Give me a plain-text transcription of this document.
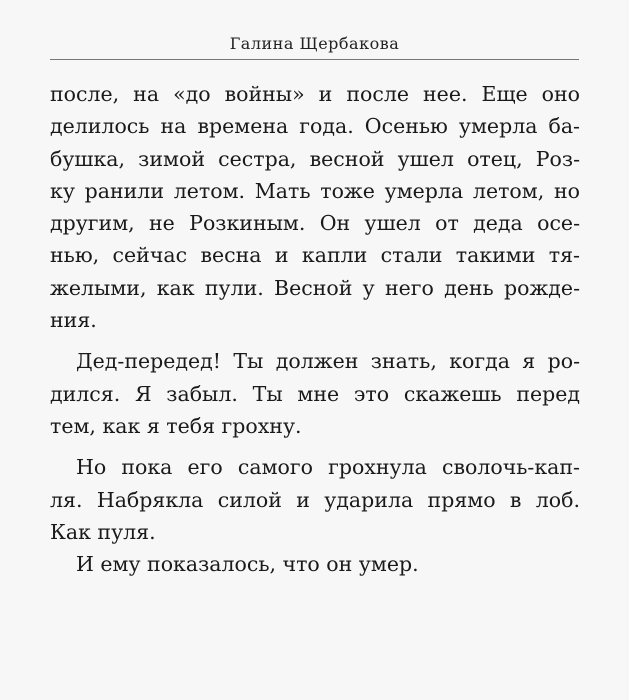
Галина Щербакова
после, на «до войны» и после нее. Еще оно
делилось на времена года. Осенью умерла ба-
бушка, зимой сестра, весной ушел отец, Роз-
ку ранили летом. Мать тоже умерла летом, но
другим, не Розкиным. Он ушел от деда осе-
нью, сейчас весна и капли стали такими тя-
желыми, как пули. Весной у него день рожде-
ния.
Дед-передед! Ты должен знать, когда я ро-
дился. Я забыл. Ты мне это скажешь перед
тем, как я тебя грохну.
Но пока его самого грохнула сволочь-кап-
ля. Набрякла силой и ударила прямо в лоб.
Как пуля.
И ему показалось, что он умер.
